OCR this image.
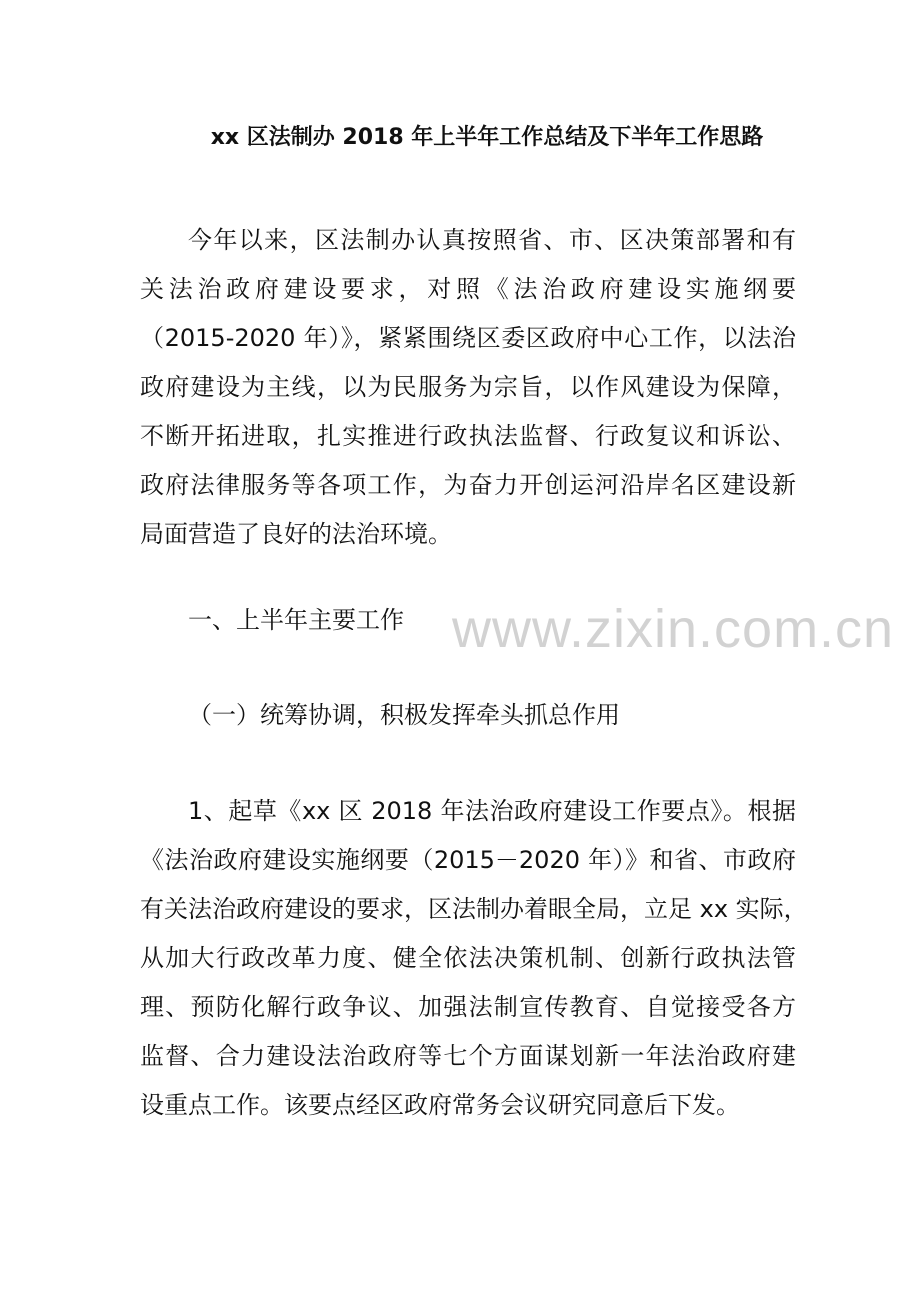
xx 区法制办 2018 年上半年工作总结及下半年工作思路
今年以来，区法制办认真按照省、市、区决策部署和有
关法治政府建设要求，对照《法治政府建设实施纲要
（2015-2020 年）》，紧紧围绕区委区政府中心工作，以法治
政府建设为主线，以为民服务为宗旨，以作风建设为保障，
不断开拓进取，扎实推进行政执法监督、行政复议和诉讼、
政府法律服务等各项工作，为奋力开创运河沿岸名区建设新
局面营造了良好的法治环境。
一、上半年主要工作
（一）统筹协调，积极发挥牵头抓总作用
1、起草《xx 区 2018 年法治政府建设工作要点》。根据
《法治政府建设实施纲要（2015－2020 年）》和省、市政府
有关法治政府建设的要求，区法制办着眼全局，立足 xx 实际，
从加大行政改革力度、健全依法决策机制、创新行政执法管
理、预防化解行政争议、加强法制宣传教育、自觉接受各方
监督、合力建设法治政府等七个方面谋划新一年法治政府建
设重点工作。该要点经区政府常务会议研究同意后下发。
www.zixin.com.cn
